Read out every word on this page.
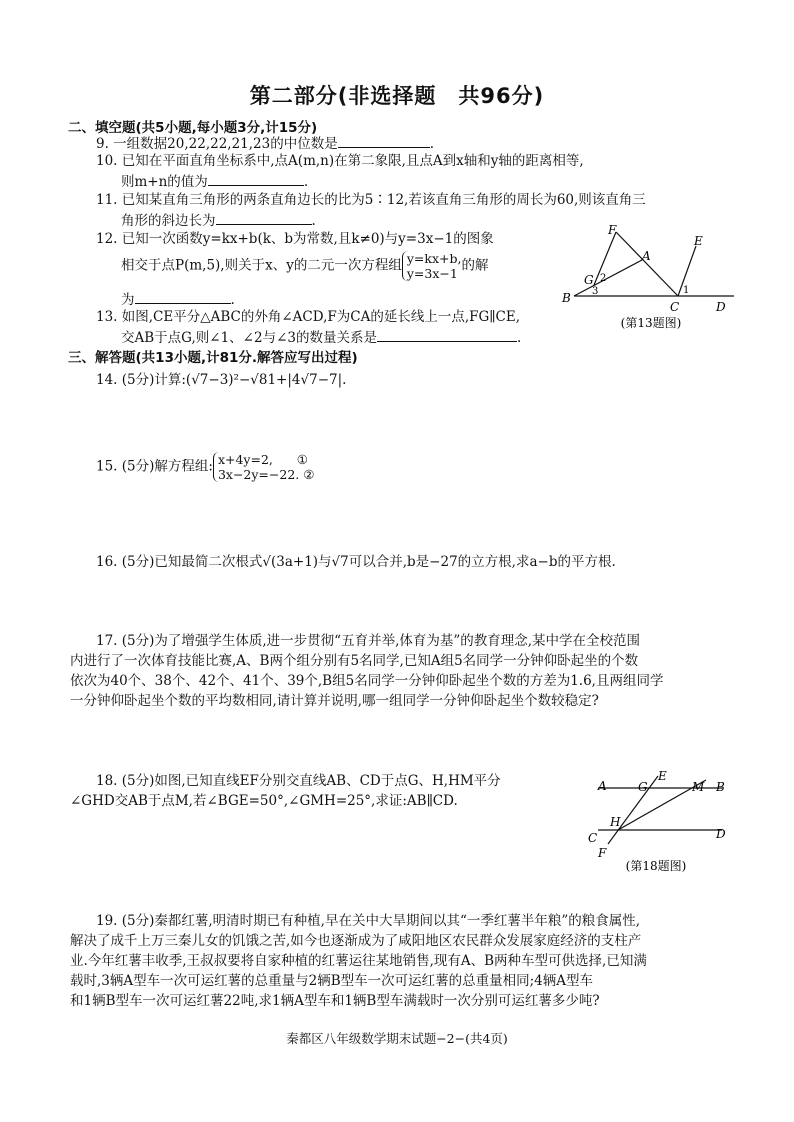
第二部分(非选择题　共96分)
二、填空题(共5小题,每小题3分,计15分)
9. 一组数据20,22,22,21,23的中位数是	.
10. 已知在平面直角坐标系中,点A(m,n)在第二象限,且点A到x轴和y轴的距离相等,
则m+n的值为	.
11. 已知某直角三角形的两条直角边长的比为5∶12,若该直角三角形的周长为60,则该直角三
角形的斜边长为	.
12. 已知一次函数y=kx+b(k、b为常数,且k≠0)与y=3x−1的图象
相交于点P(m,5),则关于x、y的二元一次方程组 y=kx+b,
y=3x−1 的解
为	.
13. 如图,CE平分△ABC的外角∠ACD,F为CA的延长线上一点,FG∥CE,
交AB于点G,则∠1、∠2与∠3的数量关系是	.
F
E
A
G
B
C	D
1
2
3
(第13题图)
三、解答题(共13小题,计81分.解答应写出过程)
14. (5分)计算:(√7−3)²−√81+|4√7−7|.
15. (5分)解方程组: x+4y=2, ①
3x−2y=−22. ②
16. (5分)已知最简二次根式√(3a+1)与√7可以合并,b是−27的立方根,求a−b的平方根.
17. (5分)为了增强学生体质,进一步贯彻“五育并举,体育为基”的教育理念,某中学在全校范围
内进行了一次体育技能比赛,A、B两个组分别有5名同学,已知A组5名同学一分钟仰卧起坐的个数
依次为40个、38个、42个、41个、39个,B组5名同学一分钟仰卧起坐个数的方差为1.6,且两组同学
一分钟仰卧起坐个数的平均数相同,请计算并说明,哪一组同学一分钟仰卧起坐个数较稳定?
18. (5分)如图,已知直线EF分别交直线AB、CD于点G、H,HM平分
∠GHD交AB于点M,若∠BGE=50°,∠GMH=25°,求证:AB∥CD.
A	G
E
M B
H
C	D
F
(第18题图)
19. (5分)秦都红薯,明清时期已有种植,早在关中大旱期间以其“一季红薯半年粮”的粮食属性,
解决了成千上万三秦儿女的饥饿之苦,如今也逐渐成为了咸阳地区农民群众发展家庭经济的支柱产
业.今年红薯丰收季,王叔叔要将自家种植的红薯运往某地销售,现有A、B两种车型可供选择,已知满
载时,3辆A型车一次可运红薯的总重量与2辆B型车一次可运红薯的总重量相同;4辆A型车
和1辆B型车一次可运红薯22吨,求1辆A型车和1辆B型车满载时一次分别可运红薯多少吨?
秦都区八年级数学期末试题−2−(共4页)
